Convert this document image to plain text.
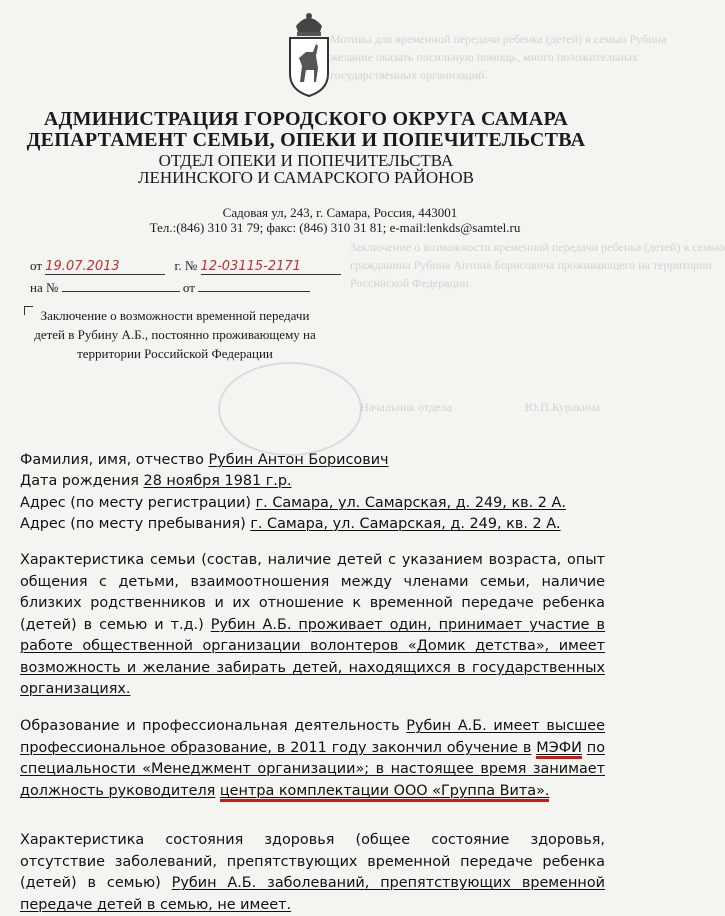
Мотивы для временной передачи ребенка (детей) в семью Рубина
желание оказать посильную помощь, много положительных
государственных организаций.
Заключение о возможности временной передачи ребенка (детей) в семью
гражданина Рубина Антона Борисовича проживающего на территории
Российской Федерации.
Начальник отдела	Ю.П.Куракина
АДМИНИСТРАЦИЯ ГОРОДСКОГО ОКРУГА САМАРА
ДЕПАРТАМЕНТ СЕМЬИ, ОПЕКИ И ПОПЕЧИТЕЛЬСТВА
ОТДЕЛ ОПЕКИ И ПОПЕЧИТЕЛЬСТВА
ЛЕНИНСКОГО И САМАРСКОГО РАЙОНОВ
Садовая ул, 243, г. Самара, Россия, 443001
Тел.:(846) 310 31 79; факс: (846) 310 31 81; e-mail:lenkds@samtel.ru
от 19.07.2013	г. № 12-03115-2171
на №	от
Заключение о возможности временной передачи детей в Рубину А.Б., постоянно проживающему на территории Российской Федерации
Фамилия, имя, отчество Рубин Антон Борисович
Дата рождения 28 ноября 1981 г.р.
Адрес (по месту регистрации) г. Самара, ул. Самарская, д. 249, кв. 2 А.
Адрес (по месту пребывания) г. Самара, ул. Самарская, д. 249, кв. 2 А.
Характеристика семьи (состав, наличие детей с указанием возраста, опыт общения с детьми, взаимоотношения между членами семьи, наличие близких родственников и их отношение к временной передаче ребенка (детей) в семью и т.д.) Рубин А.Б. проживает один, принимает участие в работе общественной организации волонтеров «Домик детства», имеет возможность и желание забирать детей, находящихся в государственных организациях.
Образование и профессиональная деятельность Рубин А.Б. имеет высшее профессиональное образование, в 2011 году закончил обучение в МЭФИ по специальности «Менеджмент организации»; в настоящее время занимает должность руководителя центра комплектации ООО «Группа Вита».
Характеристика состояния здоровья (общее состояние здоровья, отсутствие заболеваний, препятствующих временной передаче ребенка (детей) в семью) Рубин А.Б. заболеваний, препятствующих временной передаче детей в семью, не имеет.
